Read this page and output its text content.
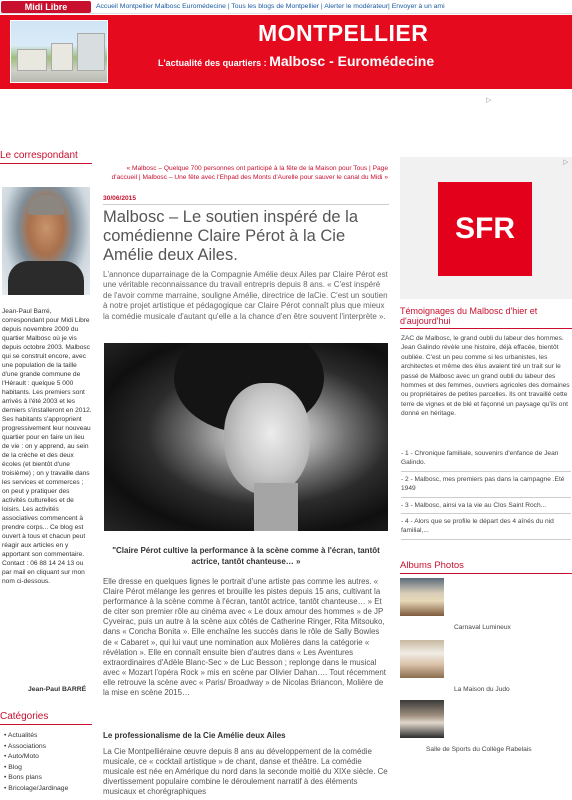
Midi Libre	Accueil Montpellier Malbosc Euromédecine | Tous les blogs de Montpellier | Alerter le modérateur| Envoyer à un ami
MONTPELLIER
L'actualité des quartiers : Malbosc - Euromédecine
▷
Le correspondant
Jean-Paul Barré, correspondant pour Midi Libre depuis novembre 2009 du quartier Malbosc où je vis depuis octobre 2003. Malbosc qui se construit encore, avec une population de la taille d'une grande commune de l'Hérault : quelque 5 000 habitants. Les premiers sont arrivés à l'été 2003 et les derniers s'installeront en 2012. Ses habitants s'approprient progressivement leur nouveau quartier pour en faire un lieu de vie : on y apprend, au sein de la crèche et des deux écoles (et bientôt d'une troisième) ; on y travaille dans les services et commerces ; on peut y pratiquer des activités culturelles et de loisirs. Les activités associatives commencent à prendre corps... Ce blog est ouvert à tous et chacun peut réagir aux articles en y apportant son commentaire. Contact : 06 88 14 24 13 ou par mail en cliquant sur mon nom ci-dessous.
Jean-Paul BARRÉ
Catégories
• Actualités
• Associations
• Auto/Moto
• Blog
• Bons plans
• Bricolage/Jardinage
« Malbosc – Quelque 700 personnes ont participé à la fête de la Maison pour Tous | Page d'accueil | Malbosc – Une fête avec l'Ehpad des Monts d'Aurelle pour sauver le canal du Midi »
30/06/2015
Malbosc – Le soutien inspéré de la comédienne Claire Pérot à la Cie Amélie deux Ailes.
L'annonce duparrainage de la Compagnie Amélie deux Ailes par Claire Pérot est une véritable reconnaissance du travail entrepris depuis 8 ans. « C'est inspéré de l'avoir comme marraine, souligne Amélie, directrice de laCie. C'est un soutien à notre projet artistique et pédagogique car Claire Pérot connaît plus que mieux la comédie musicale d'autant qu'elle a la chance d'en être souvent l'interprète ».
"Claire Pérot cultive la performance à la scène comme à l'écran, tantôt actrice, tantôt chanteuse… »
Elle dresse en quelques lignes le portrait d'une artiste pas comme les autres. « Claire Pérot mélange les genres et brouille les pistes depuis 15 ans, cultivant la performance à la scène comme à l'écran, tantôt actrice, tantôt chanteuse… » Et de citer son premier rôle au cinéma avec « Le doux amour des hommes » de JP Cyveirac, puis un autre à la scène aux côtés de Catherine Ringer, Rita Mitsouko, dans « Concha Bonita ». Elle enchaîne les succès dans le rôle de Sally Bowles de « Cabaret », qui lui vaut une nomination aux Molières dans la catégorie « révélation ». Elle en connaît ensuite bien d'autres dans « Les Aventures extraordinaires d'Adèle Blanc-Sec » de Luc Besson ; replonge dans le musical avec « Mozart l'opéra Rock » mis en scène par Olivier Dahan…. Tout récemment elle retrouve la scène avec « Paris/ Broadway » de Nicolas Briancon, Molière de la mise en scène 2015…
Le professionalisme de la Cie Amélie deux Ailes
La Cie Montpelliéraine œuvre depuis 8 ans au développement de la comédie musicale, ce « cocktail artistique » de chant, danse et théâtre. La comédie musicale est née en Amérique du nord dans la seconde moitié du XIXe siècle. Ce divertissement populaire combine le déroulement narratif à des éléments musicaux et chorégraphiques
▷
SFR
Témoignages du Malbosc d'hier et d'aujourd'hui
ZAC de Malbosc, le grand oubli du labeur des hommes. Jean Galindo révèle une histoire, déjà effacée, bientôt oubliée. C'est un peu comme si les urbanistes, les architectes et même des élus avaient tiré un trait sur le passé de Malbosc avec un grand oubli du labeur des hommes et des femmes, ouvriers agricoles des domaines ou propriétaires de petites parcelles. Ils ont travaillé cette terre de vignes et de blé et façonné un paysage qu'ils ont donné en héritage.
- 1 - Chronique familiale, souvenirs d'enfance de Jean Galindo.
- 2 - Malbosc, mes premiers pas dans la campagne .Eté 1949
- 3 - Malbosc, ainsi va la vie au Clos Saint Roch...
- 4 - Alors que se profile le départ des 4 aînés du nid familial,...
Albums Photos
Carnaval Lumineux
La Maison du Judo
Salle de Sports du Collège Rabelais
